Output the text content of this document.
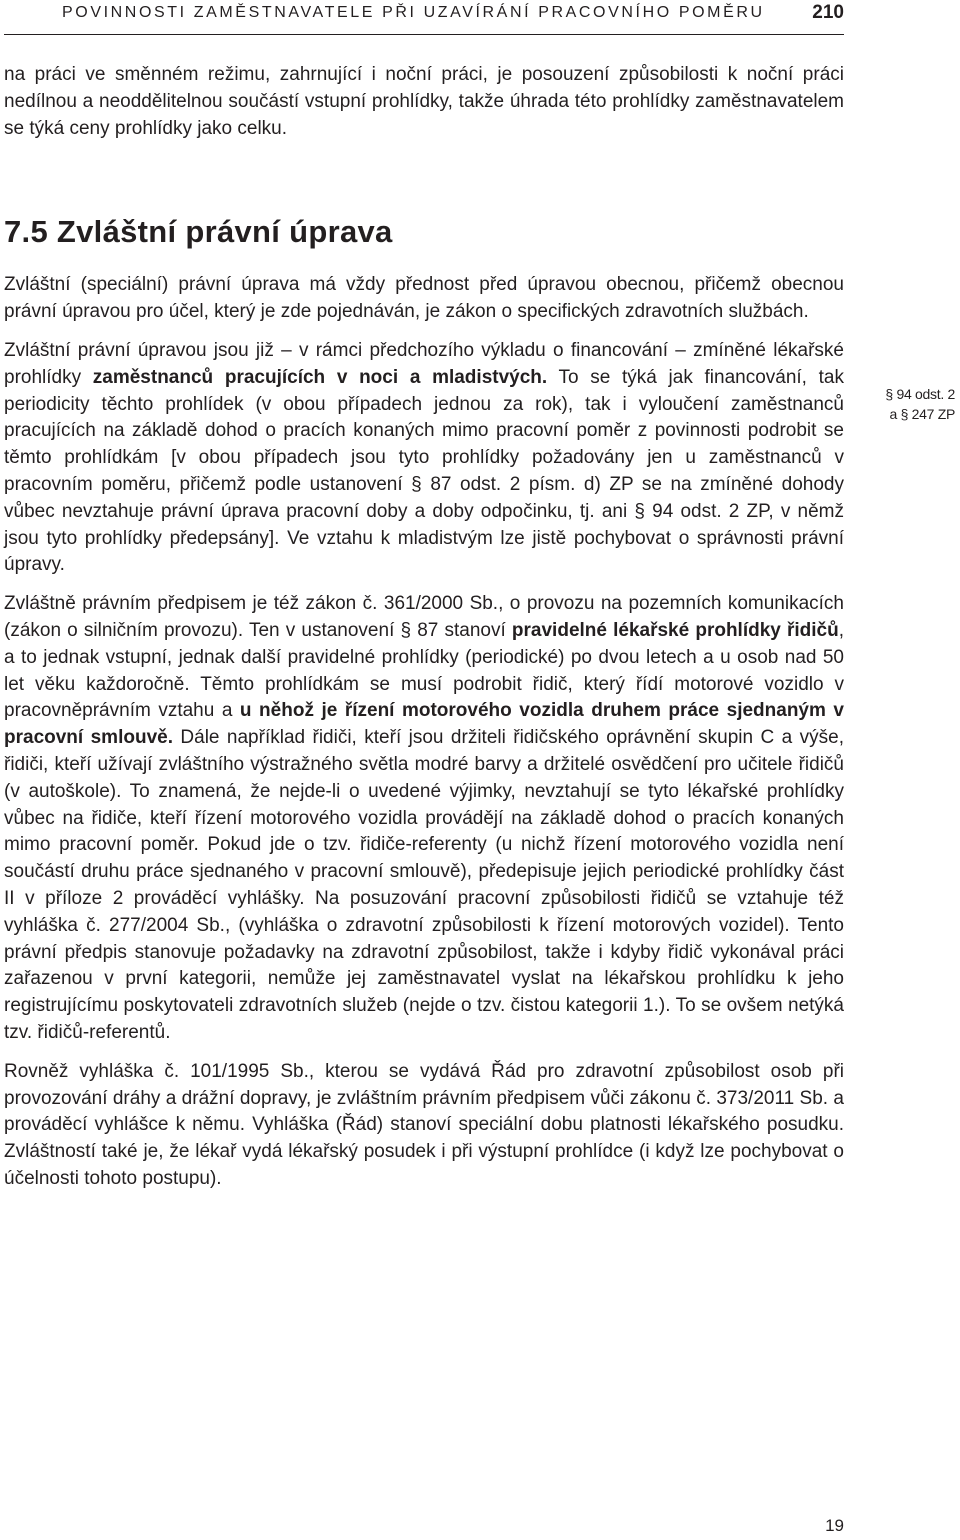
POVINNOSTI ZAMĚSTNAVATELE PŘI UZAVÍRÁNÍ PRACOVNÍHO POMĚRU	210

na práci ve směnném režimu, zahrnující i noční práci, je posouzení způsobilosti k noční práci nedílnou a neoddělitelnou součástí vstupní prohlídky, takže úhrada této prohlídky zaměstnavatelem se týká ceny prohlídky jako celku.

7.5 Zvláštní právní úprava

Zvláštní (speciální) právní úprava má vždy přednost před úpravou obecnou, přičemž obecnou právní úpravou pro účel, který je zde pojednáván, je zákon o specifických zdravotních službách.

Zvláštní právní úpravou jsou již – v rámci předchozího výkladu o financování – zmíněné lékařské prohlídky zaměstnanců pracujících v noci a mladistvých. To se týká jak financování, tak periodicity těchto prohlídek (v obou případech jednou za rok), tak i vyloučení zaměstnanců pracujících na základě dohod o pracích konaných mimo pracovní poměr z povinnosti podrobit se těmto prohlídkám [v obou případech jsou tyto prohlídky požadovány jen u zaměstnanců v pracovním poměru, přičemž podle ustanovení § 87 odst. 2 písm. d) ZP se na zmíněné dohody vůbec nevztahuje právní úprava pracovní doby a doby odpočinku, tj. ani § 94 odst. 2 ZP, v němž jsou tyto prohlídky předepsány]. Ve vztahu k mladistvým lze jistě pochybovat o správnosti právní úpravy.

Zvláštně právním předpisem je též zákon č. 361/2000 Sb., o provozu na pozemních komunikacích (zákon o silničním provozu). Ten v ustanovení § 87 stanoví pravidelné lékařské prohlídky řidičů, a to jednak vstupní, jednak další pravidelné prohlídky (periodické) po dvou letech a u osob nad 50 let věku každoročně. Těmto prohlídkám se musí podrobit řidič, který řídí motorové vozidlo v pracovněprávním vztahu a u něhož je řízení motorového vozidla druhem práce sjednaným v pracovní smlouvě. Dále například řidiči, kteří jsou držiteli řidičského oprávnění skupin C a výše, řidiči, kteří užívají zvláštního výstražného světla modré barvy a držitelé osvědčení pro učitele řidičů (v autoškole). To znamená, že nejde-li o uvedené výjimky, nevztahují se tyto lékařské prohlídky vůbec na řidiče, kteří řízení motorového vozidla provádějí na základě dohod o pracích konaných mimo pracovní poměr. Pokud jde o tzv. řidiče-referenty (u nichž řízení motorového vozidla není součástí druhu práce sjednaného v pracovní smlouvě), předepisuje jejich periodické prohlídky část II v příloze 2 prováděcí vyhlášky. Na posuzování pracovní způsobilosti řidičů se vztahuje též vyhláška č. 277/2004 Sb., (vyhláška o zdravotní způsobilosti k řízení motorových vozidel). Tento právní předpis stanovuje požadavky na zdravotní způsobilost, takže i kdyby řidič vykonával práci zařazenou v první kategorii, nemůže jej zaměstnavatel vyslat na lékařskou prohlídku k jeho registrujícímu poskytovateli zdravotních služeb (nejde o tzv. čistou kategorii 1.). To se ovšem netýká tzv. řidičů-referentů.

Rovněž vyhláška č. 101/1995 Sb., kterou se vydává Řád pro zdravotní způsobilost osob při provozování dráhy a drážní dopravy, je zvláštním právním předpisem vůči zákonu č. 373/2011 Sb. a prováděcí vyhlášce k němu. Vyhláška (Řád) stanoví speciální dobu platnosti lékařského posudku. Zvláštností také je, že lékař vydá lékařský posudek i při výstupní prohlídce (i když lze pochybovat o účelnosti tohoto postupu).

§ 94 odst. 2
a § 247 ZP
19
